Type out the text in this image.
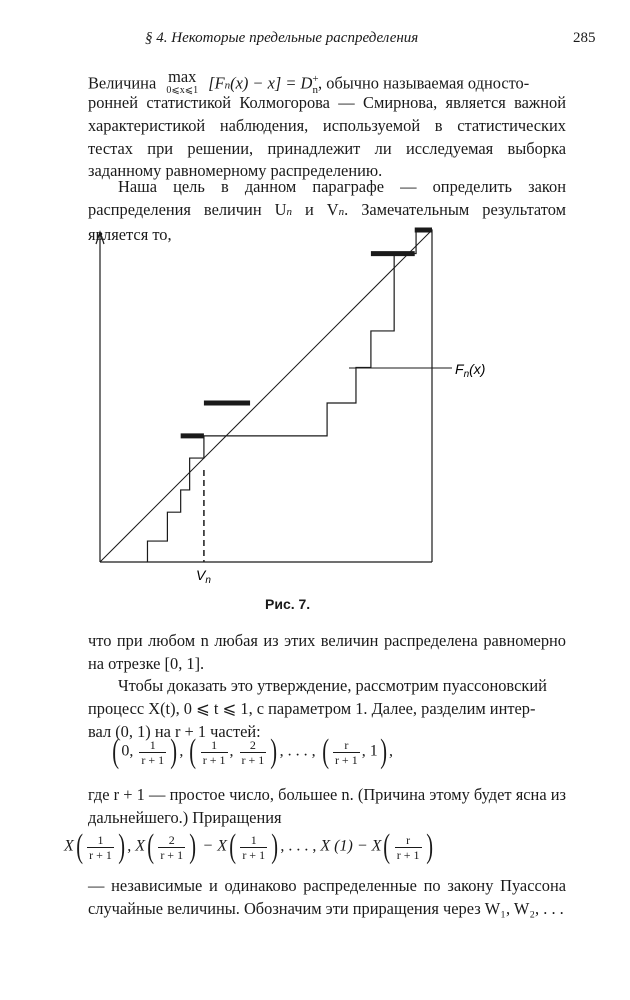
§ 4. Некоторые предельные распределения	285
Величина max
0⩽x⩽1 $[Fn(x) - x] = D^+_n$, обычно называемая односто-

ронней статистикой Колмогорова — Смирнова, является важной характеристикой наблюдения, используемой в статистических тестах при решении, принадлежит ли исследуемая выборка заданному равномерному распределению.

Наша цель в данном параграфе — определить закон распределения величин Un и Vn. Замечательным результатом является то,

$F_n(x)$
$V_n$
Рис. 7.

что при любом n любая из этих величин распределена равномерно на отрезке [0, 1].

Чтобы доказать это утверждение, рассмотрим пуассоновский
процесс X(t), 0 ⩽ t ⩽ 1, с параметром 1. Далее, разделим интер-
вал (0, 1) на r + 1 частей:
( 0, $\frac{1}{r + 1}$ ) , ( $\frac{1}{r + 1}$ , $\frac{2}{r + 1}$ ) , . . . , ( $\frac{r}{r + 1}$ , 1) ,

где r + 1 — простое число, большее n. (Причина этому будет ясна из дальнейшего.) Приращения

$X( \frac{1}{r + 1}$ ) , $X( \frac{2}{r + 1}$ ) − $X( \frac{1}{r + 1}$ ) , . . . , X $(1) - X( \frac{r}{r + 1}$ )

— независимые и одинаково распределенные по закону Пуассона случайные величины. Обозначим эти приращения через W₁, W₂, . . .
